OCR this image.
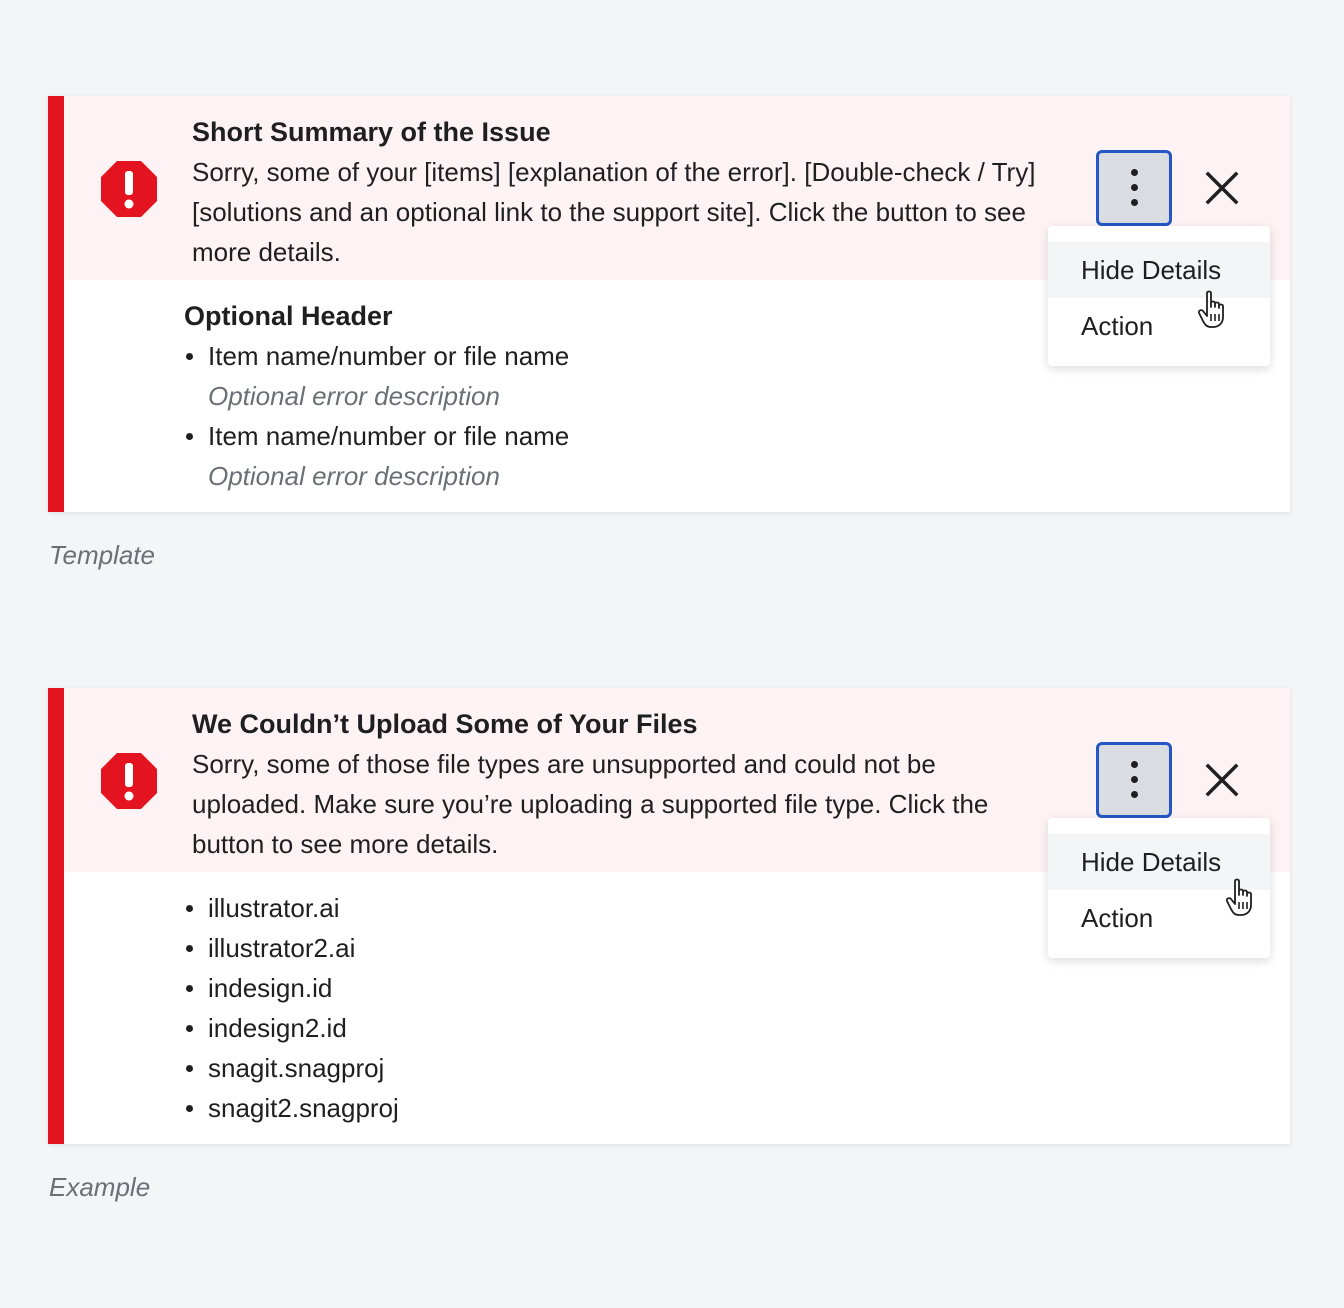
Short Summary of the Issue
Sorry, some of your [items] [explanation of the error]. [Double-check / Try] [solutions and an optional link to the support site]. Click the button to see more details.
Optional Header
Item name/number or file name
Optional error description
Item name/number or file name
Optional error description
Hide Details
Action
Template
We Couldn’t Upload Some of Your Files
Sorry, some of those file types are unsupported and could not be uploaded. Make sure you’re uploading a supported file type. Click the button to see more details.
illustrator.ai
illustrator2.ai
indesign.id
indesign2.id
snagit.snagproj
snagit2.snagproj
Hide Details
Action
Example
